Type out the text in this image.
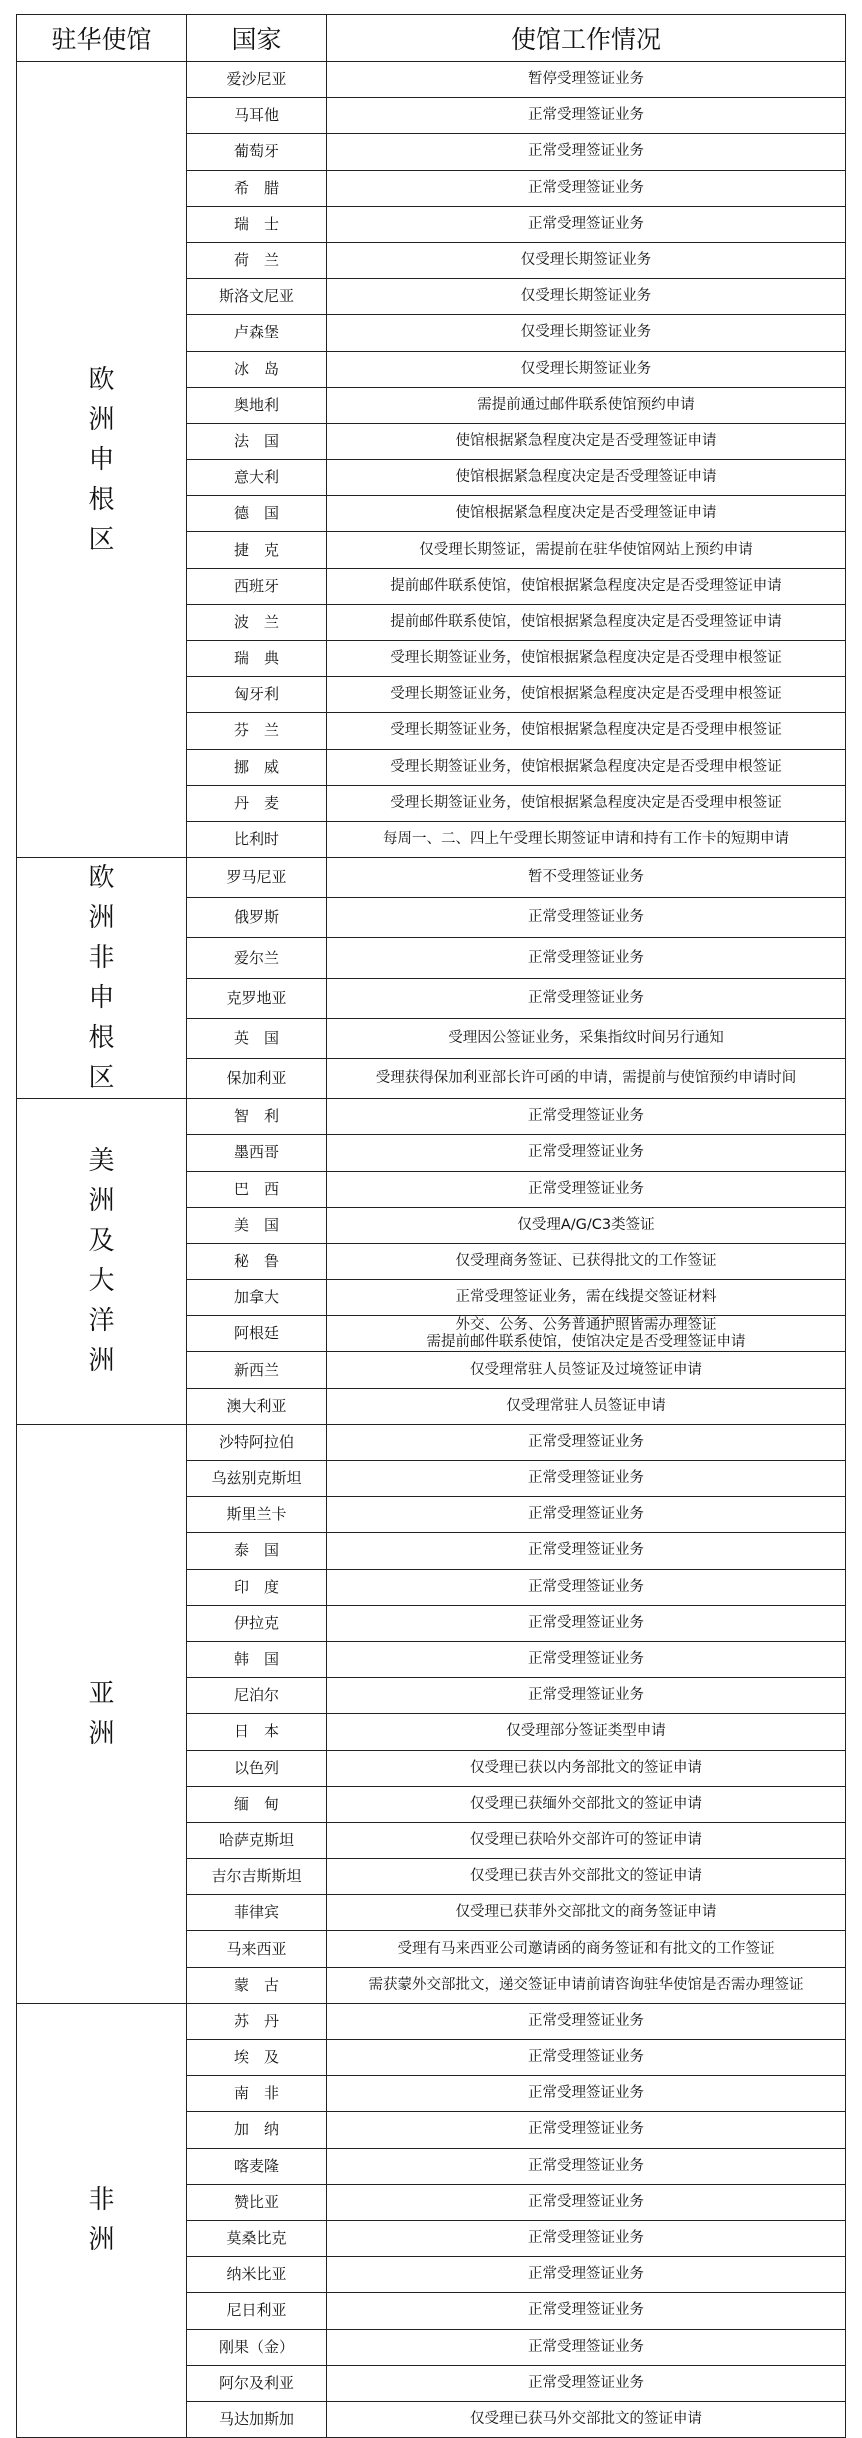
驻华使馆	国家	使馆工作情况
欧洲申根区	爱沙尼亚	暂停受理签证业务
	马耳他	正常受理签证业务
	葡萄牙	正常受理签证业务
	希　腊	正常受理签证业务
	瑞　士	正常受理签证业务
	荷　兰	仅受理长期签证业务
	斯洛文尼亚	仅受理长期签证业务
	卢森堡	仅受理长期签证业务
	冰　岛	仅受理长期签证业务
	奥地利	需提前通过邮件联系使馆预约申请
	法　国	使馆根据紧急程度决定是否受理签证申请
	意大利	使馆根据紧急程度决定是否受理签证申请
	德　国	使馆根据紧急程度决定是否受理签证申请
	捷　克	仅受理长期签证，需提前在驻华使馆网站上预约申请
	西班牙	提前邮件联系使馆，使馆根据紧急程度决定是否受理签证申请
	波　兰	提前邮件联系使馆，使馆根据紧急程度决定是否受理签证申请
	瑞　典	受理长期签证业务，使馆根据紧急程度决定是否受理申根签证
	匈牙利	受理长期签证业务，使馆根据紧急程度决定是否受理申根签证
	芬　兰	受理长期签证业务，使馆根据紧急程度决定是否受理申根签证
	挪　威	受理长期签证业务，使馆根据紧急程度决定是否受理申根签证
	丹　麦	受理长期签证业务，使馆根据紧急程度决定是否受理申根签证
	比利时	每周一、二、四上午受理长期签证申请和持有工作卡的短期申请
欧洲非申根区	罗马尼亚	暂不受理签证业务
	俄罗斯	正常受理签证业务
	爱尔兰	正常受理签证业务
	克罗地亚	正常受理签证业务
	英　国	受理因公签证业务，采集指纹时间另行通知
	保加利亚	受理获得保加利亚部长许可函的申请，需提前与使馆预约申请时间
美洲及大洋洲	智　利	正常受理签证业务
	墨西哥	正常受理签证业务
	巴　西	正常受理签证业务
	美　国	仅受理A/G/C3类签证
	秘　鲁	仅受理商务签证、已获得批文的工作签证
	加拿大	正常受理签证业务，需在线提交签证材料
	阿根廷	外交、公务、公务普通护照皆需办理签证
需提前邮件联系使馆，使馆决定是否受理签证申请
	新西兰	仅受理常驻人员签证及过境签证申请
	澳大利亚	仅受理常驻人员签证申请
亚洲	沙特阿拉伯	正常受理签证业务
	乌兹别克斯坦	正常受理签证业务
	斯里兰卡	正常受理签证业务
	泰　国	正常受理签证业务
	印　度	正常受理签证业务
	伊拉克	正常受理签证业务
	韩　国	正常受理签证业务
	尼泊尔	正常受理签证业务
	日　本	仅受理部分签证类型申请
	以色列	仅受理已获以内务部批文的签证申请
	缅　甸	仅受理已获缅外交部批文的签证申请
	哈萨克斯坦	仅受理已获哈外交部许可的签证申请
	吉尔吉斯斯坦	仅受理已获吉外交部批文的签证申请
	菲律宾	仅受理已获菲外交部批文的商务签证申请
	马来西亚	受理有马来西亚公司邀请函的商务签证和有批文的工作签证
	蒙　古	需获蒙外交部批文，递交签证申请前请咨询驻华使馆是否需办理签证
非洲	苏　丹	正常受理签证业务
	埃　及	正常受理签证业务
	南　非	正常受理签证业务
	加　纳	正常受理签证业务
	喀麦隆	正常受理签证业务
	赞比亚	正常受理签证业务
	莫桑比克	正常受理签证业务
	纳米比亚	正常受理签证业务
	尼日利亚	正常受理签证业务
	刚果（金）	正常受理签证业务
	阿尔及利亚	正常受理签证业务
	马达加斯加	仅受理已获马外交部批文的签证申请
